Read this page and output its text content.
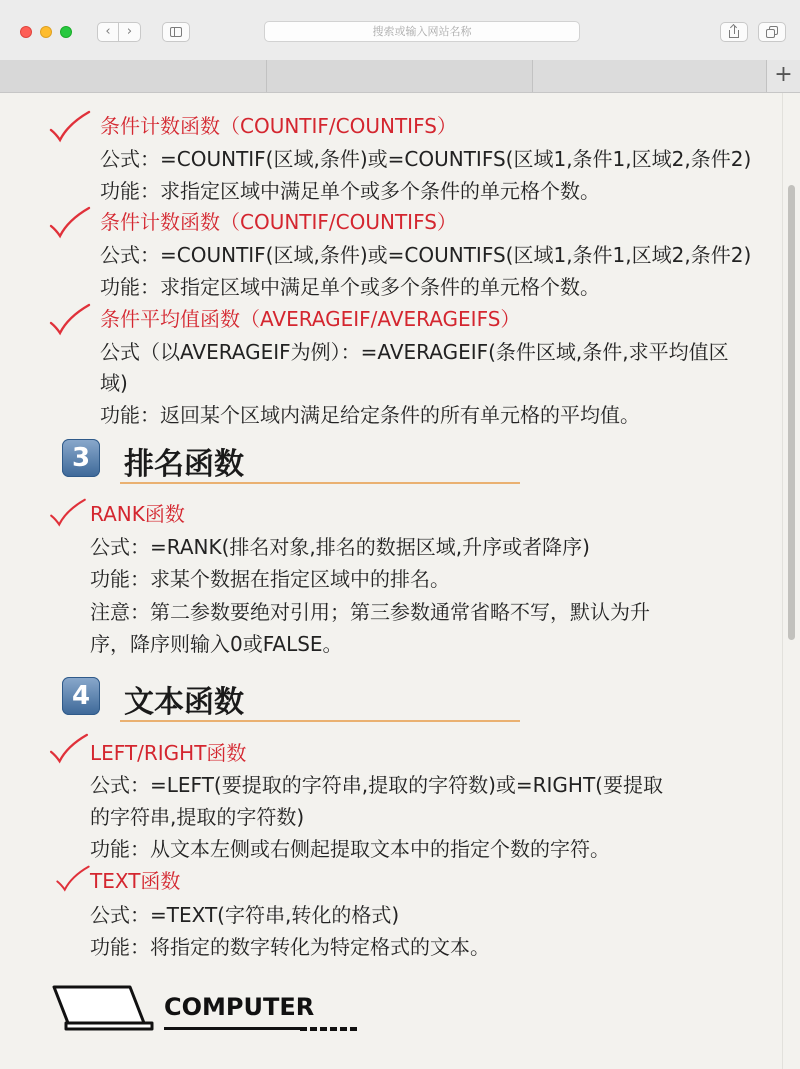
‹	›	搜索或输入网站名称
+
条件计数函数（COUNTIF/COUNTIFS）
公式：=COUNTIF(区域,条件)或=COUNTIFS(区域1,条件1,区域2,条件2)
功能：求指定区域中满足单个或多个条件的单元格个数。
条件计数函数（COUNTIF/COUNTIFS）
公式：=COUNTIF(区域,条件)或=COUNTIFS(区域1,条件1,区域2,条件2)
功能：求指定区域中满足单个或多个条件的单元格个数。
条件平均值函数（AVERAGEIF/AVERAGEIFS）
公式（以AVERAGEIF为例）：=AVERAGEIF(条件区域,条件,求平均值区
域)
功能：返回某个区域内满足给定条件的所有单元格的平均值。
3	排名函数
RANK函数
公式：=RANK(排名对象,排名的数据区域,升序或者降序)
功能：求某个数据在指定区域中的排名。
注意：第二参数要绝对引用；第三参数通常省略不写，默认为升
序，降序则输入0或FALSE。
4	文本函数
LEFT/RIGHT函数
公式：=LEFT(要提取的字符串,提取的字符数)或=RIGHT(要提取
的字符串,提取的字符数)
功能：从文本左侧或右侧起提取文本中的指定个数的字符。
TEXT函数
公式：=TEXT(字符串,转化的格式)
功能：将指定的数字转化为特定格式的文本。
COMPUTER
